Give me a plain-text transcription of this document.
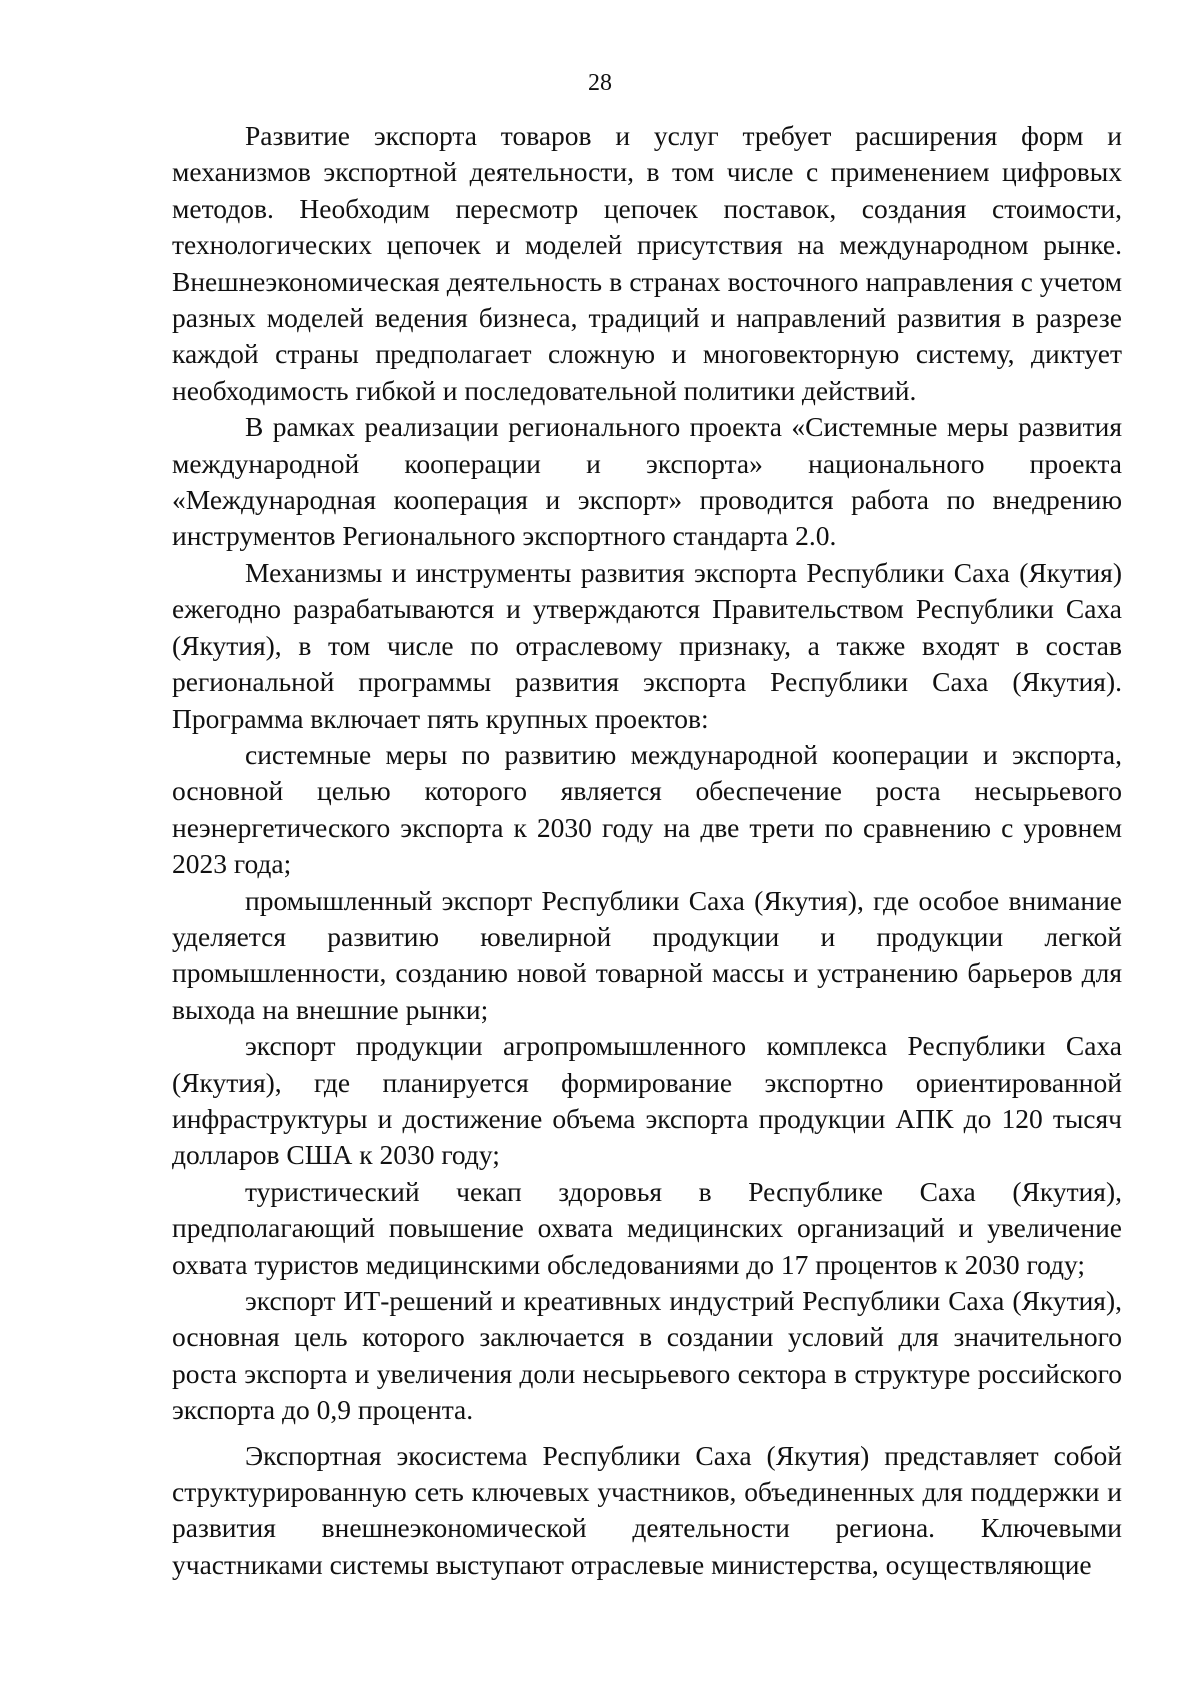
28

Развитие экспорта товаров и услуг требует расширения форм и механизмов экспортной деятельности, в том числе с применением цифровых методов. Необходим пересмотр цепочек поставок, создания стоимости, технологических цепочек и моделей присутствия на международном рынке. Внешнеэкономическая деятельность в странах восточного направления с учетом разных моделей ведения бизнеса, традиций и направлений развития в разрезе каждой страны предполагает сложную и многовекторную систему, диктует необходимость гибкой и последовательной политики действий.

В рамках реализации регионального проекта «Системные меры развития международной кооперации и экспорта» национального проекта «Международная кооперация и экспорт» проводится работа по внедрению инструментов Регионального экспортного стандарта 2.0.

Механизмы и инструменты развития экспорта Республики Саха (Якутия) ежегодно разрабатываются и утверждаются Правительством Республики Саха (Якутия), в том числе по отраслевому признаку, а также входят в состав региональной программы развития экспорта Республики Саха (Якутия). Программа включает пять крупных проектов:

системные меры по развитию международной кооперации и экспорта, основной целью которого является обеспечение роста несырьевого неэнергетического экспорта к 2030 году на две трети по сравнению с уровнем 2023 года;

промышленный экспорт Республики Саха (Якутия), где особое внимание уделяется развитию ювелирной продукции и продукции легкой промышленности, созданию новой товарной массы и устранению барьеров для выхода на внешние рынки;

экспорт продукции агропромышленного комплекса Республики Саха (Якутия), где планируется формирование экспортно ориентированной инфраструктуры и достижение объема экспорта продукции АПК до 120 тысяч долларов США к 2030 году;

туристический чекап здоровья в Республике Саха (Якутия), предполагающий повышение охвата медицинских организаций и увеличение охвата туристов медицинскими обследованиями до 17 процентов к 2030 году;

экспорт ИТ-решений и креативных индустрий Республики Саха (Якутия), основная цель которого заключается в создании условий для значительного роста экспорта и увеличения доли несырьевого сектора в структуре российского экспорта до 0,9 процента.

Экспортная экосистема Республики Саха (Якутия) представляет собой структурированную сеть ключевых участников, объединенных для поддержки и развития внешнеэкономической деятельности региона. Ключевыми участниками системы выступают отраслевые министерства, осуществляющие
